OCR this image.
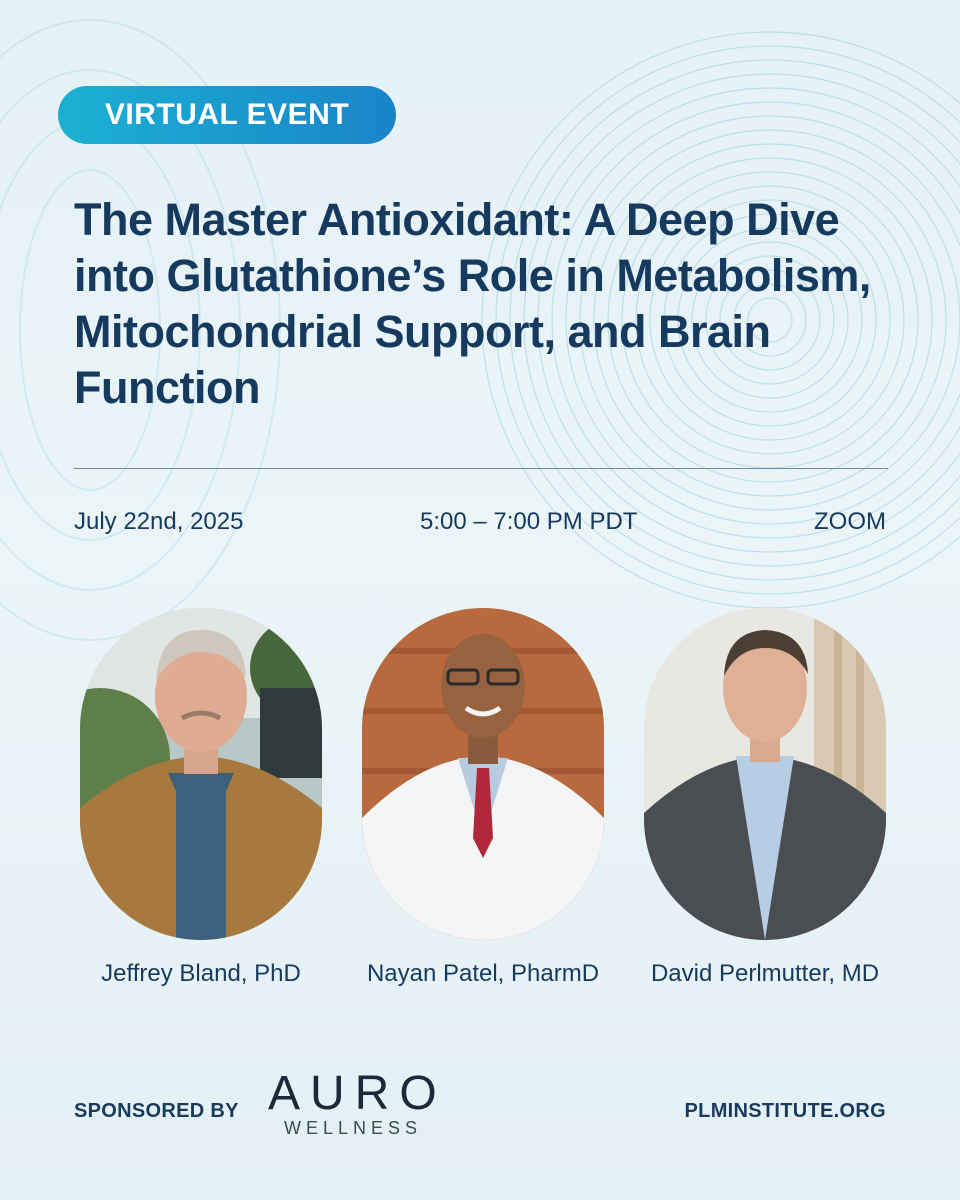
VIRTUAL EVENT
The Master Antioxidant: A Deep Dive into Glutathione’s Role in Metabolism, Mitochondrial Support, and Brain Function
July 22nd, 2025	5:00 – 7:00 PM PDT	ZOOM
Jeffrey Bland, PhD	Nayan Patel, PharmD	David Perlmutter, MD
SPONSORED BY AURO
WELLNESS
PLMINSTITUTE.ORG
